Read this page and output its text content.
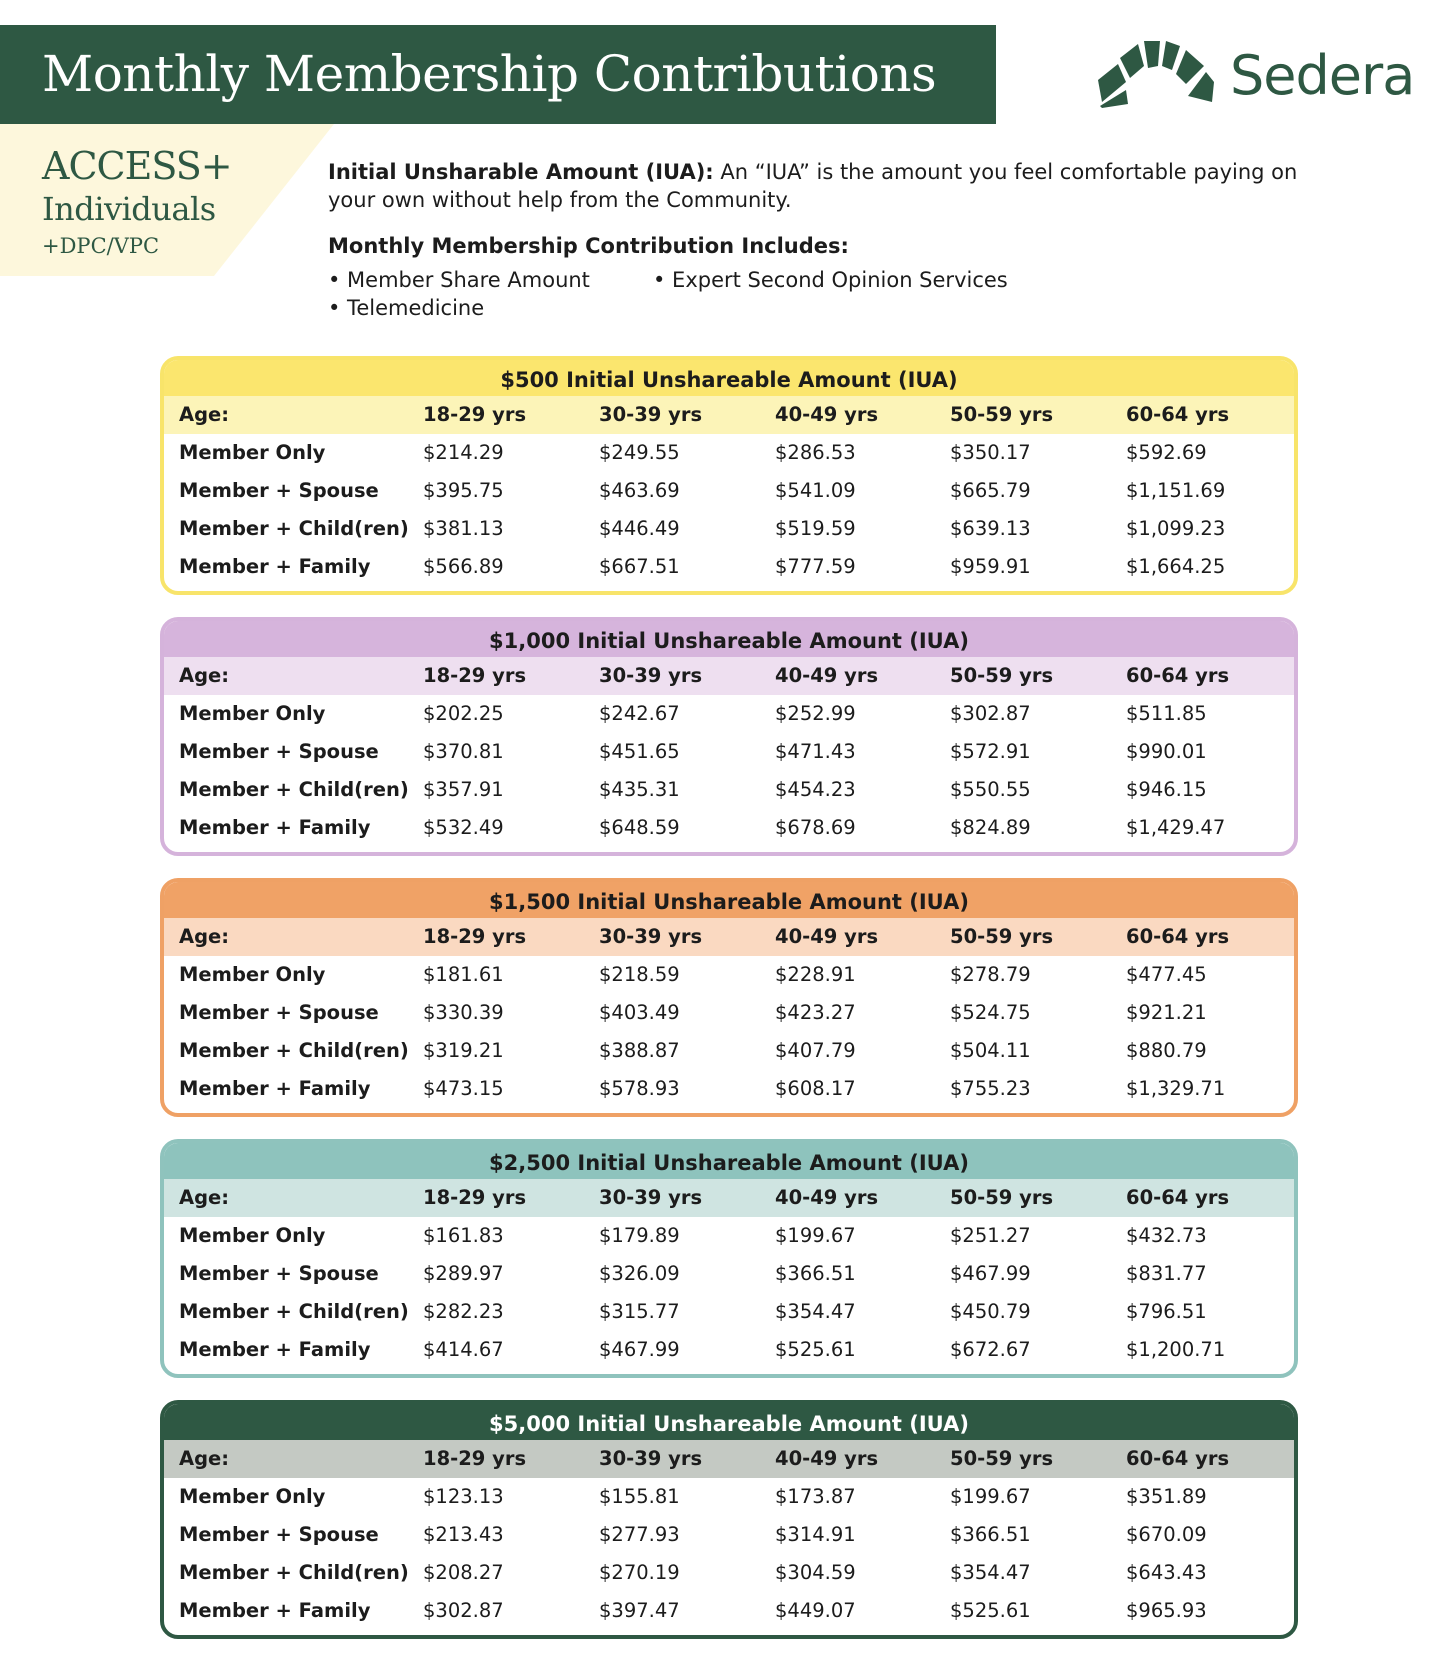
Monthly Membership Contributions	Sedera
ACCESS+
Individuals
+DPC/VPC

Initial Unsharable Amount (IUA): An “IUA” is the amount you feel comfortable paying on your own without help from the Community.

Monthly Membership Contribution Includes:

• Member Share Amount	• Expert Second Opinion Services
• Telemedicine
$500 Initial Unshareable Amount (IUA)
Age:	18-29 yrs	30-39 yrs	40-49 yrs	50-59 yrs	60-64 yrs
Member Only	$214.29	$249.55	$286.53	$350.17	$592.69
Member + Spouse $395.75	$463.69	$541.09	$665.79	$1,151.69
Member + Child(ren) $381.13	$446.49	$519.59	$639.13	$1,099.23
Member + Family	$566.89	$667.51	$777.59	$959.91	$1,664.25
$1,000 Initial Unshareable Amount (IUA)
Age:	18-29 yrs	30-39 yrs	40-49 yrs	50-59 yrs	60-64 yrs
Member Only	$202.25	$242.67	$252.99	$302.87	$511.85
Member + Spouse $370.81	$451.65	$471.43	$572.91	$990.01
Member + Child(ren) $357.91	$435.31	$454.23	$550.55	$946.15
Member + Family	$532.49	$648.59	$678.69	$824.89	$1,429.47
$1,500 Initial Unshareable Amount (IUA)
Age:	18-29 yrs	30-39 yrs	40-49 yrs	50-59 yrs	60-64 yrs
Member Only	$181.61	$218.59	$228.91	$278.79	$477.45
Member + Spouse $330.39	$403.49	$423.27	$524.75	$921.21
Member + Child(ren) $319.21	$388.87	$407.79	$504.11	$880.79
Member + Family	$473.15	$578.93	$608.17	$755.23	$1,329.71
$2,500 Initial Unshareable Amount (IUA)
Age:	18-29 yrs	30-39 yrs	40-49 yrs	50-59 yrs	60-64 yrs
Member Only	$161.83	$179.89	$199.67	$251.27	$432.73
Member + Spouse $289.97	$326.09	$366.51	$467.99	$831.77
Member + Child(ren) $282.23	$315.77	$354.47	$450.79	$796.51
Member + Family	$414.67	$467.99	$525.61	$672.67	$1,200.71
$5,000 Initial Unshareable Amount (IUA)
Age:	18-29 yrs	30-39 yrs	40-49 yrs	50-59 yrs	60-64 yrs
Member Only	$123.13	$155.81	$173.87	$199.67	$351.89
Member + Spouse $213.43	$277.93	$314.91	$366.51	$670.09
Member + Child(ren) $208.27	$270.19	$304.59	$354.47	$643.43
Member + Family	$302.87	$397.47	$449.07	$525.61	$965.93
